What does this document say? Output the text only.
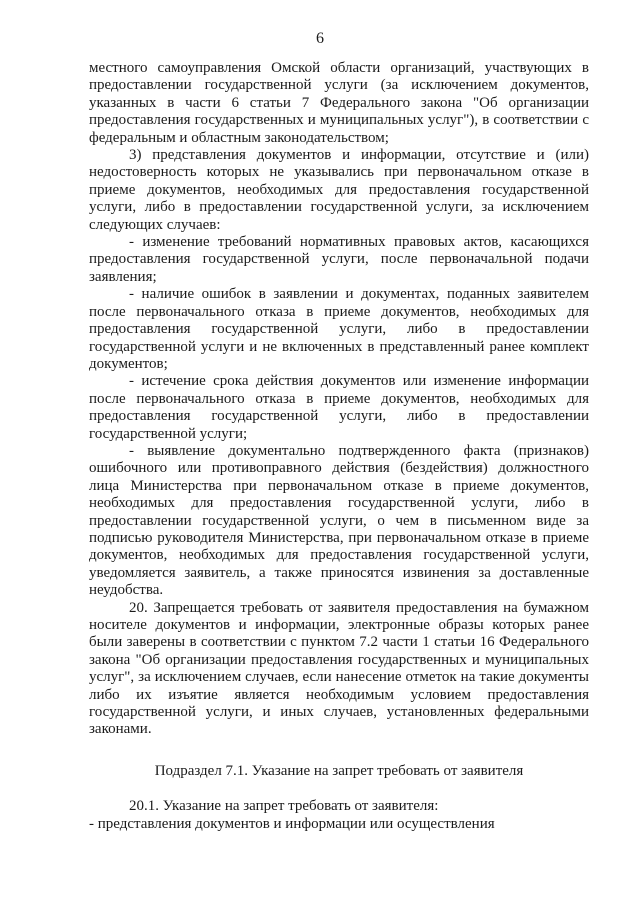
6

местного самоуправления Омской области организаций, участвующих в предоставлении государственной услуги (за исключением документов, указанных в части 6 статьи 7 Федерального закона "Об организации предоставления государственных и муниципальных услуг"), в соответствии с федеральным и областным законодательством;

3) представления документов и информации, отсутствие и (или) недостоверность которых не указывались при первоначальном отказе в приеме документов, необходимых для предоставления государственной услуги, либо в предоставлении государственной услуги, за исключением следующих случаев:

- изменение требований нормативных правовых актов, касающихся предоставления государственной услуги, после первоначальной подачи заявления;

- наличие ошибок в заявлении и документах, поданных заявителем после первоначального отказа в приеме документов, необходимых для предоставления государственной услуги, либо в предоставлении государственной услуги и не включенных в представленный ранее комплект документов;

- истечение срока действия документов или изменение информации после первоначального отказа в приеме документов, необходимых для предоставления государственной услуги, либо в предоставлении государственной услуги;

- выявление документально подтвержденного факта (признаков) ошибочного или противоправного действия (бездействия) должностного лица Министерства при первоначальном отказе в приеме документов, необходимых для предоставления государственной услуги, либо в предоставлении государственной услуги, о чем в письменном виде за подписью руководителя Министерства, при первоначальном отказе в приеме документов, необходимых для предоставления государственной услуги, уведомляется заявитель, а также приносятся извинения за доставленные неудобства.

20. Запрещается требовать от заявителя предоставления на бумажном носителе документов и информации, электронные образы которых ранее были заверены в соответствии с пунктом 7.2 части 1 статьи 16 Федерального закона "Об организации предоставления государственных и муниципальных услуг", за исключением случаев, если нанесение отметок на такие документы либо их изъятие является необходимым условием предоставления государственной услуги, и иных случаев, установленных федеральными законами.

Подраздел 7.1. Указание на запрет требовать от заявителя

20.1. Указание на запрет требовать от заявителя:

- представления документов и информации или осуществления
